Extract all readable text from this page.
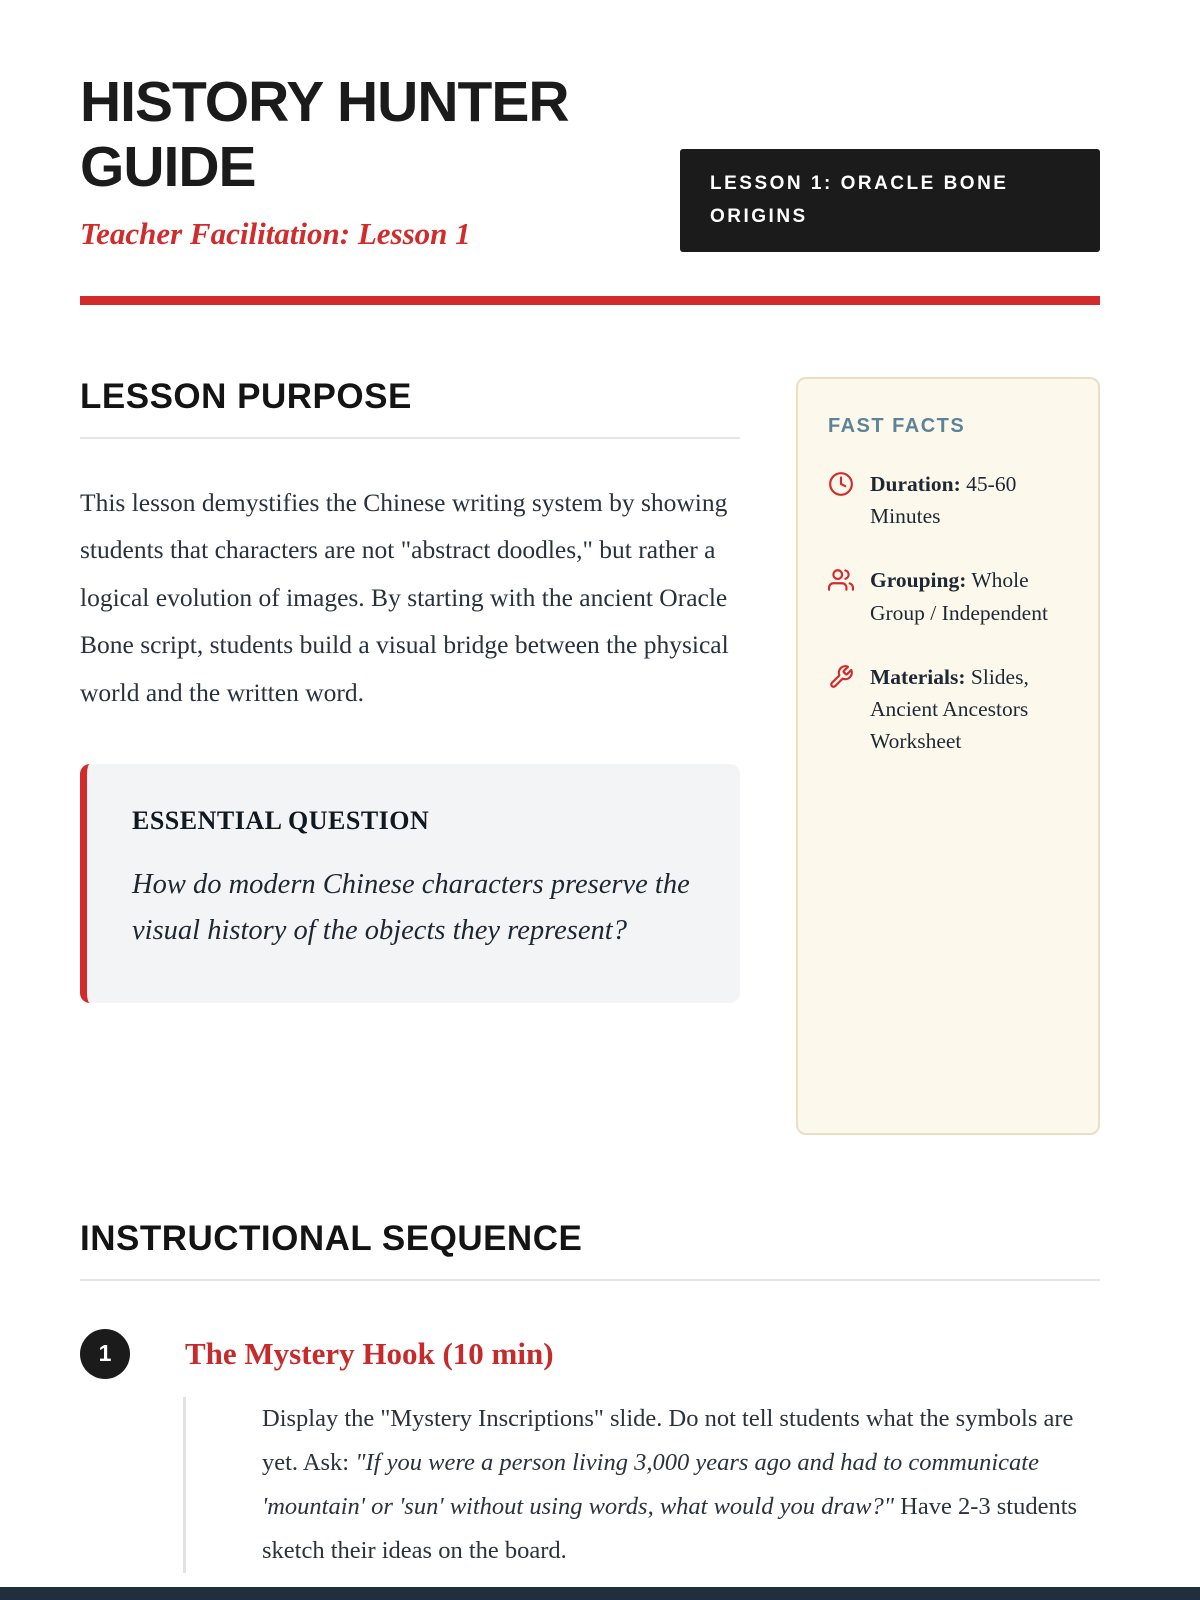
HISTORY HUNTER GUIDE
Teacher Facilitation: Lesson 1
LESSON 1: ORACLE BONE ORIGINS
LESSON PURPOSE

This lesson demystifies the Chinese writing system by showing students that characters are not "abstract doodles," but rather a logical evolution of images. By starting with the ancient Oracle Bone script, students build a visual bridge between the physical world and the written word.

ESSENTIAL QUESTION

How do modern Chinese characters preserve the visual history of the objects they represent?

FAST FACTS
Duration: 45-60 Minutes
Grouping: Whole Group / Independent
Materials: Slides, Ancient Ancestors Worksheet
INSTRUCTIONAL SEQUENCE
1	The Mystery Hook (10 min)
Display the "Mystery Inscriptions" slide. Do not tell students what the symbols are yet. Ask: "If you were a person living 3,000 years ago and had to communicate 'mountain' or 'sun' without using words, what would you draw?" Have 2-3 students sketch their ideas on the board.
